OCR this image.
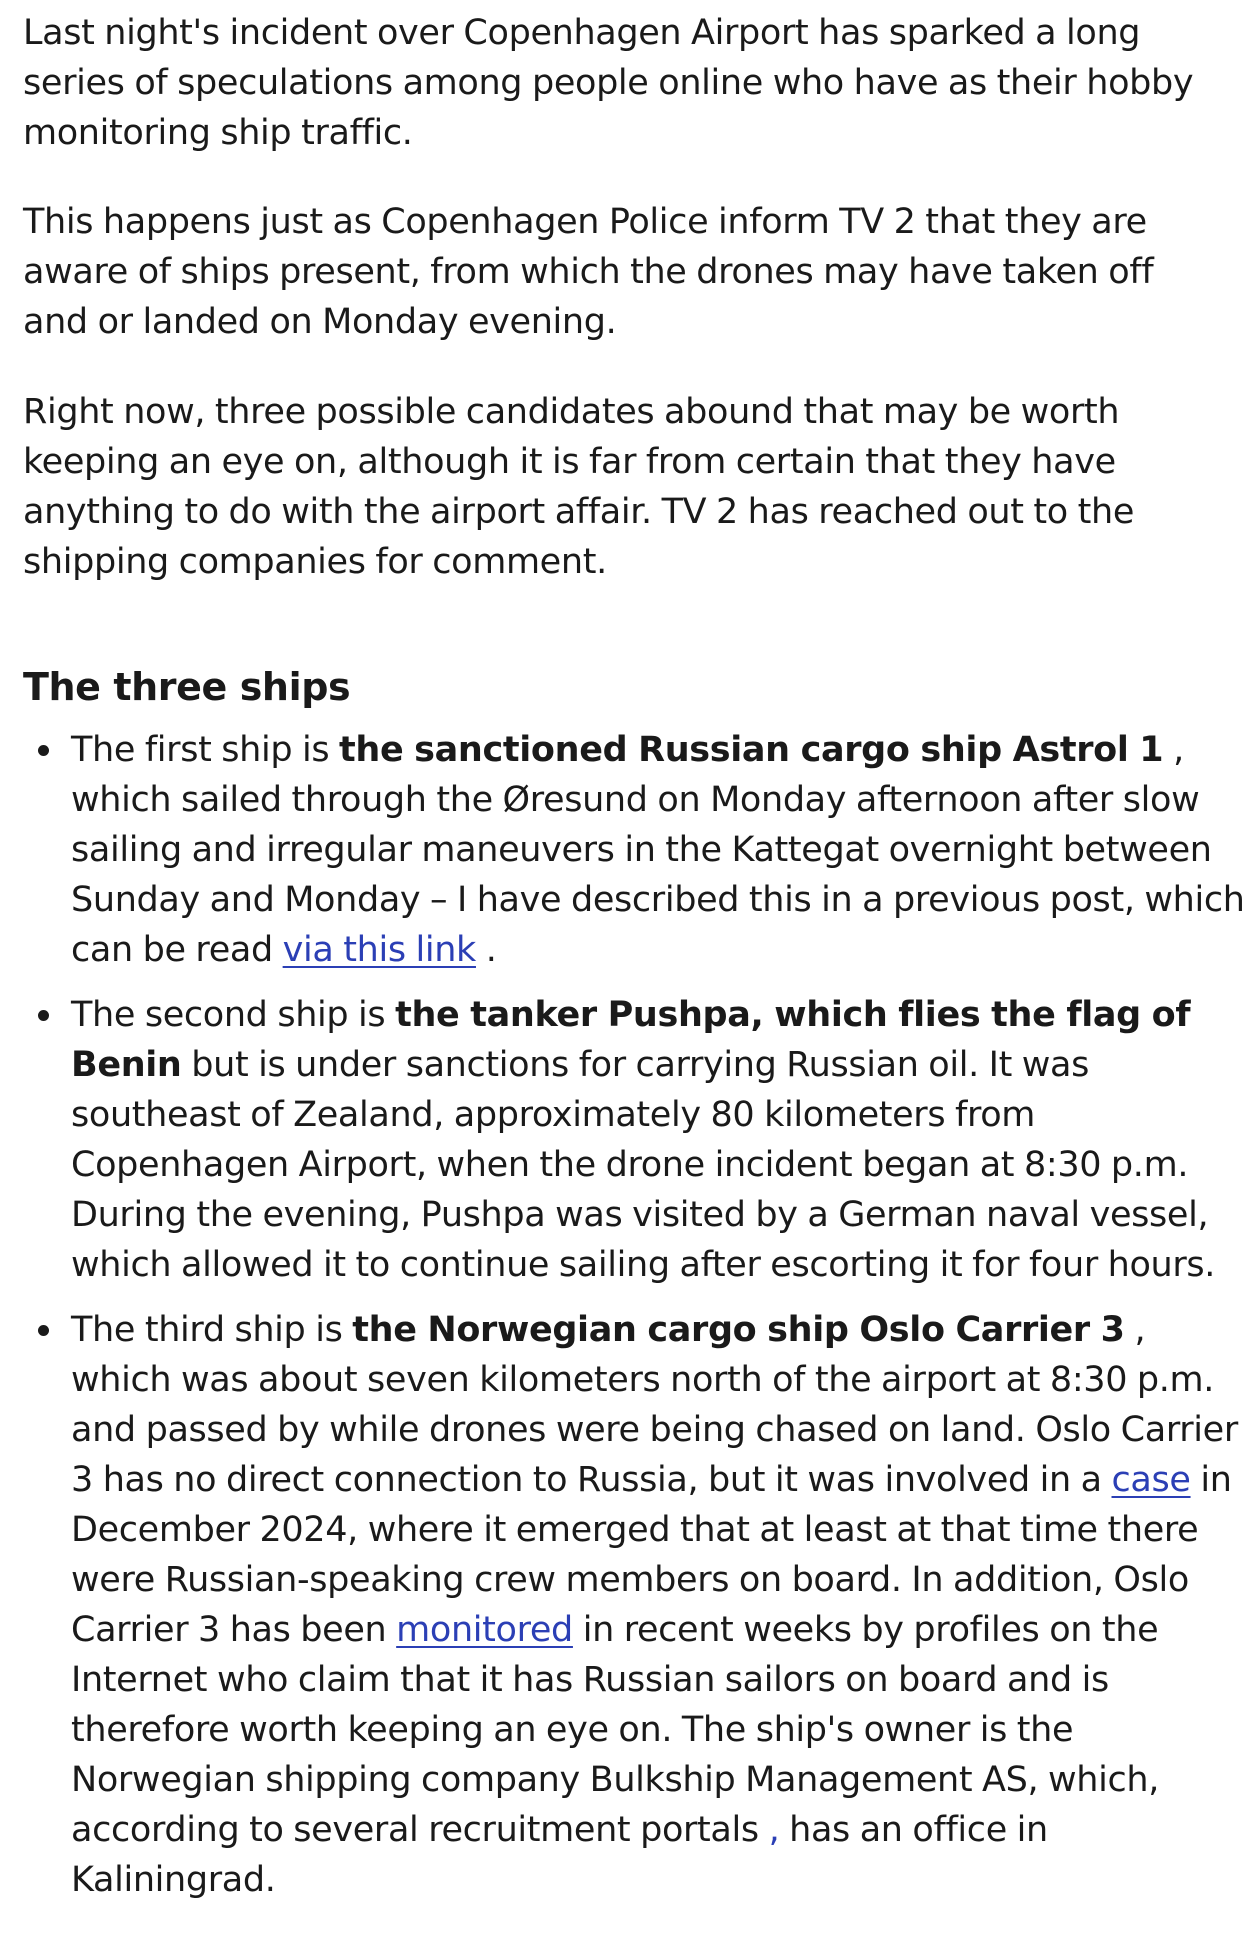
Last night's incident over Copenhagen Airport has sparked a long series of speculations among people online who have as their hobby monitoring ship traffic.

This happens just as Copenhagen Police inform TV 2 that they are aware of ships present, from which the drones may have taken off and or landed on Monday evening.

Right now, three possible candidates abound that may be worth keeping an eye on, although it is far from certain that they have anything to do with the airport affair. TV 2 has reached out to the shipping companies for comment.

The three ships
The first ship is the sanctioned Russian cargo ship Astrol 1 , which sailed through the Øresund on Monday afternoon after slow sailing and irregular maneuvers in the Kattegat overnight between Sunday and Monday – I have described this in a previous post, which can be read via this link .
The second ship is the tanker Pushpa, which flies the flag of Benin but is under sanctions for carrying Russian oil. It was southeast of Zealand, approximately 80 kilometers from Copenhagen Airport, when the drone incident began at 8:30 p.m. During the evening, Pushpa was visited by a German naval vessel, which allowed it to continue sailing after escorting it for four hours.
The third ship is the Norwegian cargo ship Oslo Carrier 3 , which was about seven kilometers north of the airport at 8:30 p.m. and passed by while drones were being chased on land. Oslo Carrier 3 has no direct connection to Russia, but it was involved in a case in December 2024, where it emerged that at least at that time there were Russian-speaking crew members on board. In addition, Oslo Carrier 3 has been monitored in recent weeks by profiles on the Internet who claim that it has Russian sailors on board and is therefore worth keeping an eye on. The ship's owner is the Norwegian shipping company Bulkship Management AS, which, according to several recruitment portals , has an office in Kaliningrad.
